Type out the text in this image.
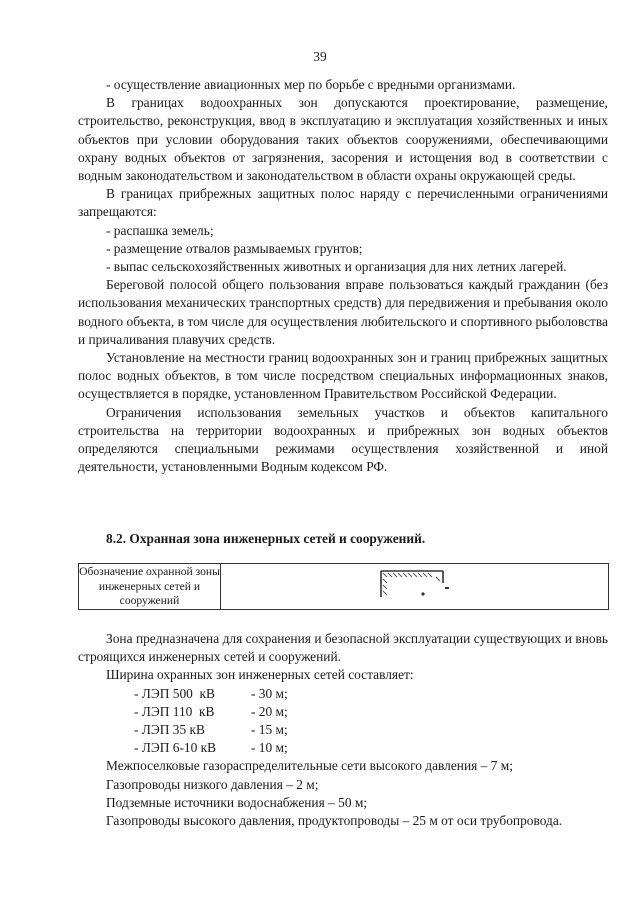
39

- осуществление авиационных мер по борьбе с вредными организмами.

В границах водоохранных зон допускаются проектирование, размещение, строительство, реконструкция, ввод в эксплуатацию и эксплуатация хозяйственных и иных объектов при условии оборудования таких объектов сооружениями, обеспечивающими охрану водных объектов от загрязнения, засорения и истощения вод в соответствии с водным законодательством и законодательством в области охраны окружающей среды.

В границах прибрежных защитных полос наряду с перечисленными ограничениями запрещаются:

- распашка земель;

- размещение отвалов размываемых грунтов;

- выпас сельскохозяйственных животных и организация для них летних лагерей.

Береговой полосой общего пользования вправе пользоваться каждый гражданин (без использования механических транспортных средств) для передвижения и пребывания около водного объекта, в том числе для осуществления любительского и спортивного рыболовства и причаливания плавучих средств.

Установление на местности границ водоохранных зон и границ прибрежных защитных полос водных объектов, в том числе посредством специальных информационных знаков, осуществляется в порядке, установленном Правительством Российской Федерации.

Ограничения использования земельных участков и объектов капитального строительства на территории водоохранных и прибрежных зон водных объектов определяются специальными режимами осуществления хозяйственной и иной деятельности, установленными Водным кодексом РФ.

8.2. Охранная зона инженерных сетей и сооружений.

Обозначение охранной зоны инженерных сетей и сооружений

Зона предназначена для сохранения и безопасной эксплуатации существующих и вновь строящихся инженерных сетей и сооружений.

Ширина охранных зон инженерных сетей составляет:

- ЛЭП 500  кВ	- 30 м;

- ЛЭП 110  кВ	- 20 м;

- ЛЭП 35 кВ	- 15 м;

- ЛЭП 6-10 кВ	- 10 м;

Межпоселковые газораспределительные сети высокого давления – 7 м;

Газопроводы низкого давления – 2 м;

Подземные источники водоснабжения – 50 м;

Газопроводы высокого давления, продуктопроводы – 25 м от оси трубопровода.
